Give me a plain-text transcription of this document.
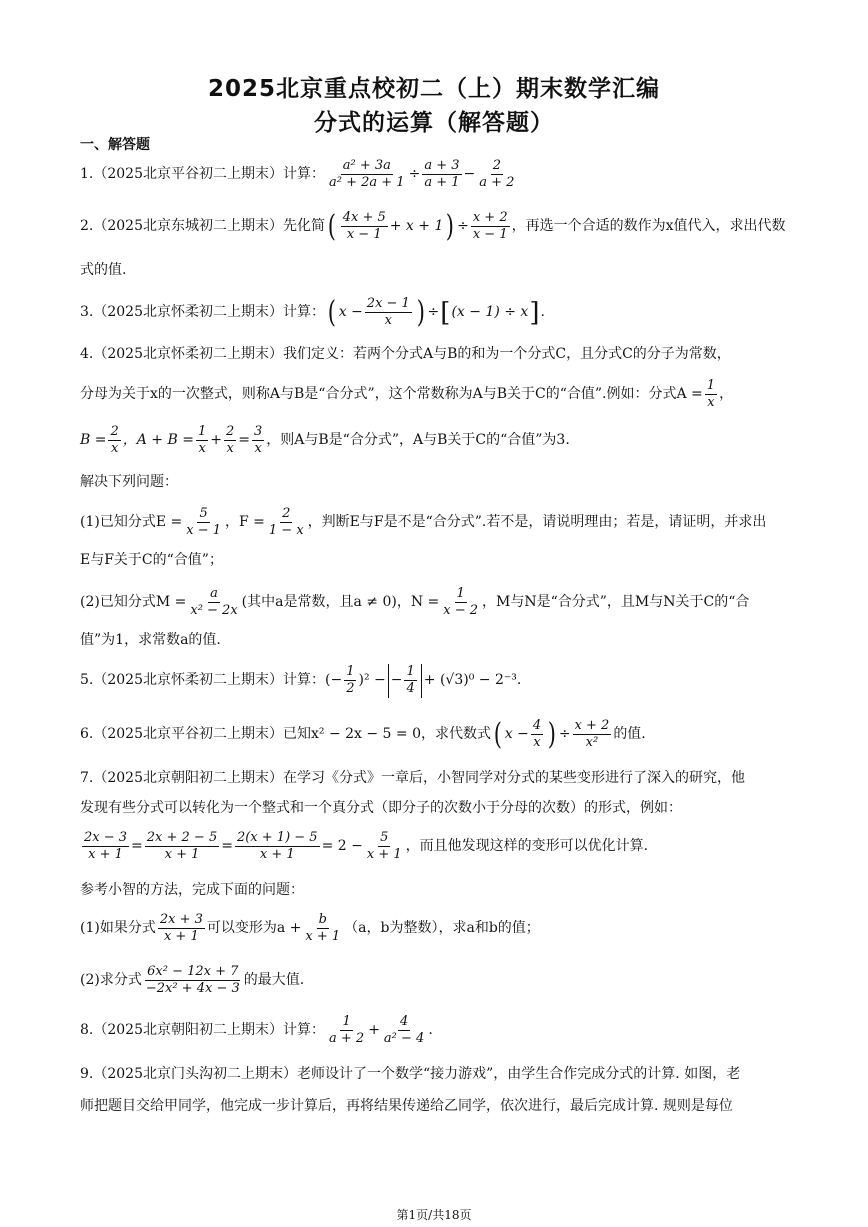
2025北京重点校初二（上）期末数学汇编
分式的运算（解答题）
一、解答题
1.（2025北京平谷初二上期末）计算： $\frac{\text{a² + 3a}}{\text{a² + 2a + 1}} \div \frac{a + 3}{a + 1} - \frac{2}{a + 2}$
2.（2025北京东城初二上期末）先化简 ( $\frac{4x + 5}{x - 1} + x + 1$ ) ÷ $\frac{x + 2}{x - 1}$ ，再选一个合适的数作为x值代入，求出代数
式的值.
3.（2025北京怀柔初二上期末）计算： ( $x - \frac{2x - 1}{x}$ ) ÷ [ (x − 1) ÷ x ] .
4.（2025北京怀柔初二上期末）我们定义：若两个分式A与B的和为一个分式C，且分式C的分子为常数，
分母为关于x的一次整式，则称A与B是“合分式”，这个常数称为A与B关于C的“合值”.例如：分式$A = \frac{1}{x}$ ，
$B = \frac{2}{x}$ ，$A + B = \frac{1}{x} + \frac{2}{x} = \frac{3}{x}$ ，则A与B是“合分式”，A与B关于C的“合值”为3.
解决下列问题：
(1)已知分式$E = \frac{5}{x - 1}$ ，$F = \frac{2}{1 - x}$ ，判断E与F是不是“合分式”.若不是，请说明理由；若是，请证明，并求出
E与F关于C的“合值”；
(2)已知分式$M = \frac{a}{\text{x² − 2x}}$ (其中a是常数，且a ≠ 0)，$N = \frac{1}{x - 2}$ ，M与N是“合分式”，且M与N关于C的“合
值”为1，求常数a的值.
5.（2025北京怀柔初二上期末）计算： (− $\frac{1}{2} )^2$ − − $\frac{1}{4} + (√3)^0 - 2^{-3}$.
6.（2025北京平谷初二上期末）已知x² − 2x − 5 = 0，求代数式 ( $x - \frac{4}{x}$ ) ÷ $\frac{x + 2}{\text{x²}}$ 的值.
7.（2025北京朝阳初二上期末）在学习《分式》一章后，小智同学对分式的某些变形进行了深入的研究，他
发现有些分式可以转化为一个整式和一个真分式（即分子的次数小于分母的次数）的形式，例如：
$\frac{2x - 3}{x + 1} = \frac{2x + 2 - 5}{x + 1} = \frac{2(x + 1) - 5}{x + 1} = 2 - \frac{5}{x + 1}$ ，而且他发现这样的变形可以优化计算.
参考小智的方法，完成下面的问题：
(1)如果分式 $\frac{2x + 3}{x + 1}$ 可以变形为$a + \frac{b}{x + 1} (a$，b为整数），求a和b的值；
(2)求分式 $\frac{\text{6x² − 12x + 7}}{\text{−2x² + 4x − 3}}$ 的最大值.
8.（2025北京朝阳初二上期末）计算： $\frac{1}{a + 2} + \frac{4}{\text{a² − 4}}$ .
9.（2025北京门头沟初二上期末）老师设计了一个数学“接力游戏”，由学生合作完成分式的计算. 如图，老
师把题目交给甲同学，他完成一步计算后，再将结果传递给乙同学，依次进行，最后完成计算. 规则是每位
第1页/共18页
